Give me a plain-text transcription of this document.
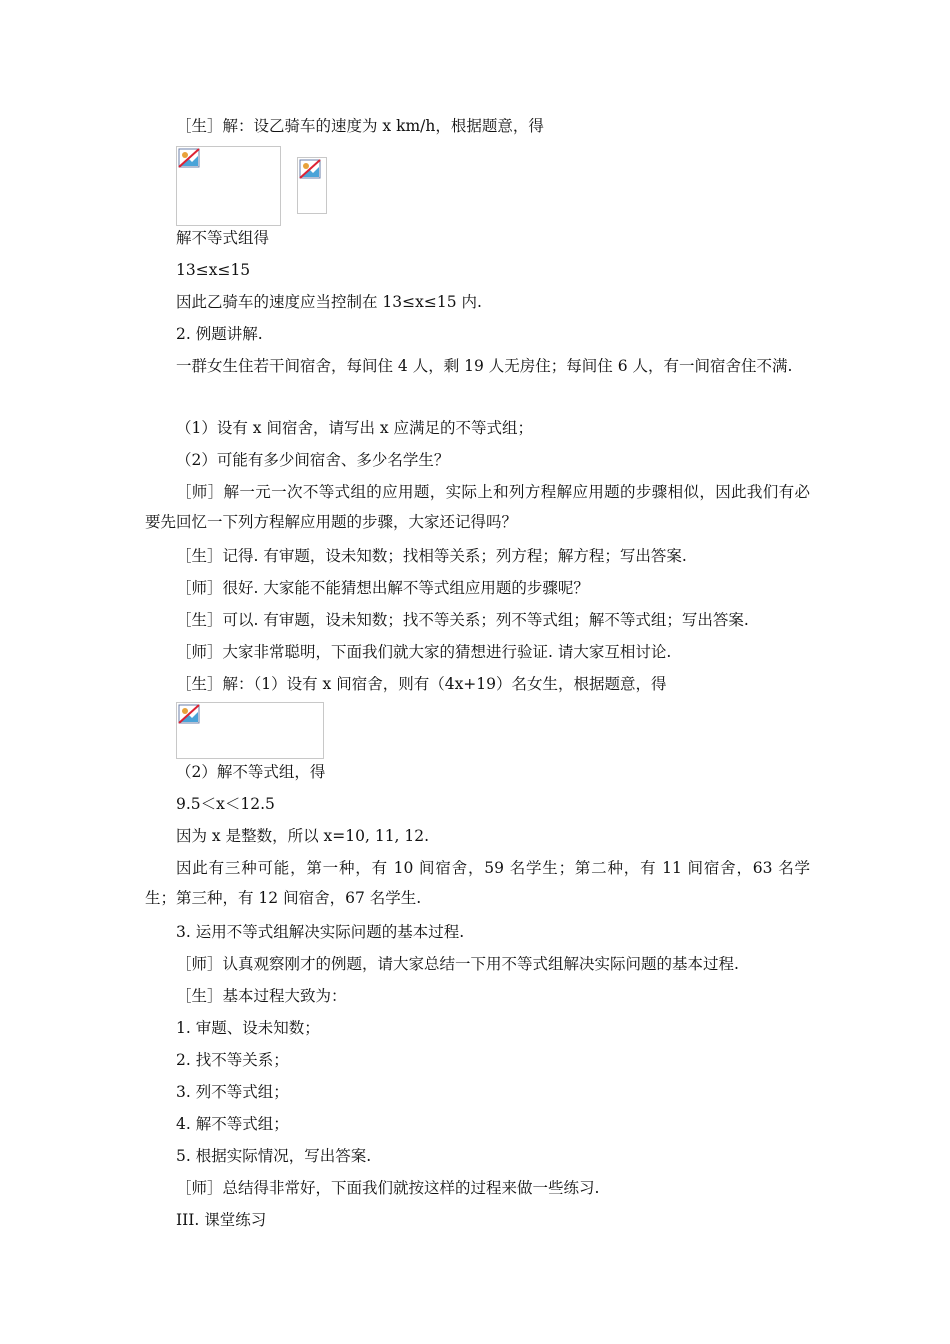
［生］解：设乙骑车的速度为 x km/h，根据题意，得
解不等式组得
13≤x≤15
因此乙骑车的速度应当控制在 13≤x≤15 内.
2. 例题讲解.
一群女生住若干间宿舍，每间住 4 人，剩 19 人无房住；每间住 6 人，有一间宿舍住不满.
（1）设有 x 间宿舍，请写出 x 应满足的不等式组；
（2）可能有多少间宿舍、多少名学生？
［师］解一元一次不等式组的应用题，实际上和列方程解应用题的步骤相似，因此我们有必要先回忆一下列方程解应用题的步骤，大家还记得吗？
［生］记得. 有审题，设未知数；找相等关系；列方程；解方程；写出答案.
［师］很好. 大家能不能猜想出解不等式组应用题的步骤呢？
［生］可以. 有审题，设未知数；找不等关系；列不等式组；解不等式组；写出答案.
［师］大家非常聪明，下面我们就大家的猜想进行验证. 请大家互相讨论.
［生］解：（1）设有 x 间宿舍，则有（4x+19）名女生，根据题意，得
（2）解不等式组，得
9.5＜x＜12.5
因为 x 是整数，所以 x=10, 11, 12.
因此有三种可能，第一种，有 10 间宿舍，59 名学生；第二种，有 11 间宿舍，63 名学生；第三种，有 12 间宿舍，67 名学生.
3. 运用不等式组解决实际问题的基本过程.
［师］认真观察刚才的例题，请大家总结一下用不等式组解决实际问题的基本过程.
［生］基本过程大致为：
1. 审题、设未知数；
2. 找不等关系；
3. 列不等式组；
4. 解不等式组；
5. 根据实际情况，写出答案.
［师］总结得非常好，下面我们就按这样的过程来做一些练习.
III. 课堂练习
